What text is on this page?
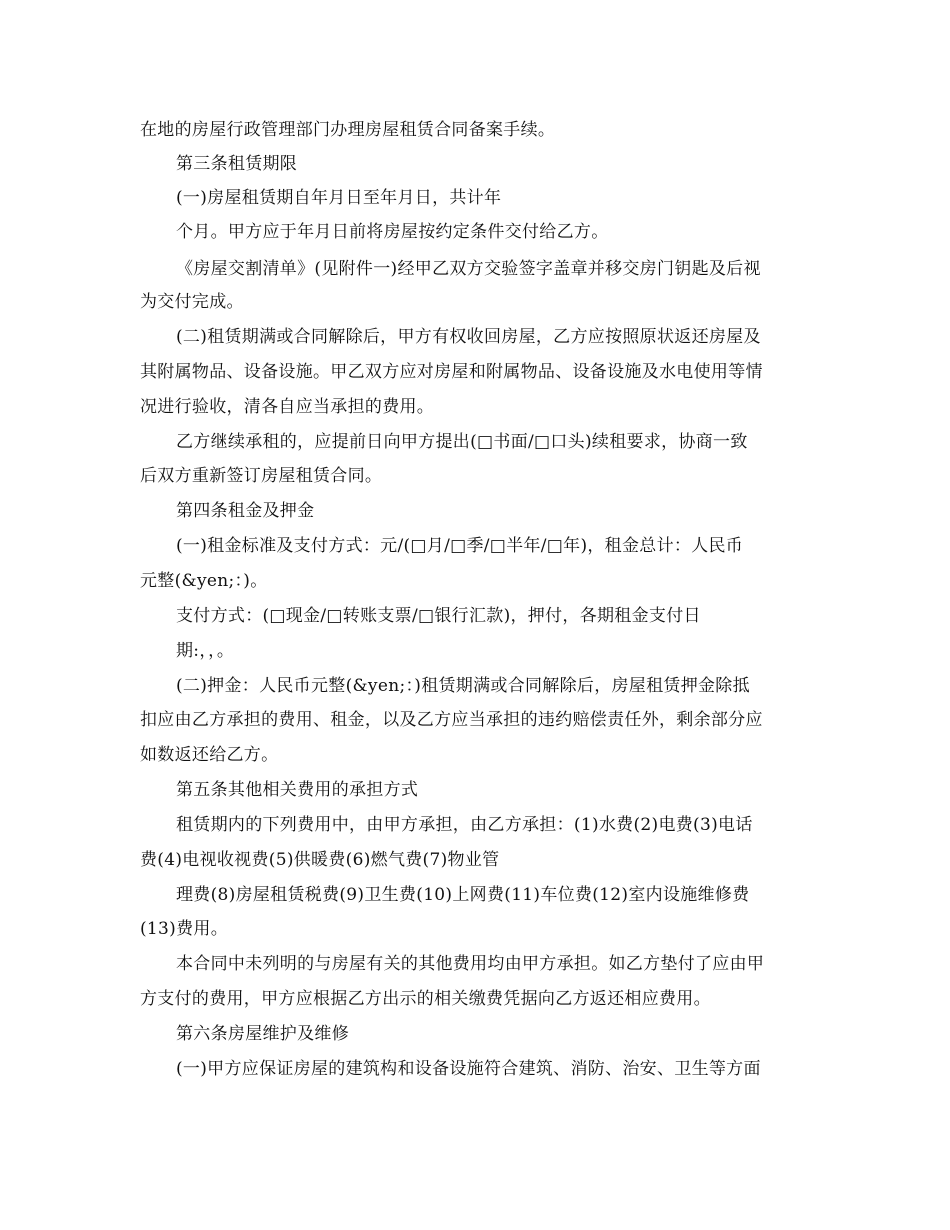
在地的房屋行政管理部门办理房屋租赁合同备案手续。
第三条租赁期限
(一)房屋租赁期自年月日至年月日，共计年
个月。甲方应于年月日前将房屋按约定条件交付给乙方。
《房屋交割清单》(见附件一)经甲乙双方交验签字盖章并移交房门钥匙及后视
为交付完成。
(二)租赁期满或合同解除后，甲方有权收回房屋，乙方应按照原状返还房屋及
其附属物品、设备设施。甲乙双方应对房屋和附属物品、设备设施及水电使用等情
况进行验收，清各自应当承担的费用。
乙方继续承租的，应提前日向甲方提出(□书面/□口头)续租要求，协商一致
后双方重新签订房屋租赁合同。
第四条租金及押金
(一)租金标准及支付方式：元/(□月/□季/□半年/□年)，租金总计：人民币
元整(&yen;：)。
支付方式：(□现金/□转账支票/□银行汇款)，押付，各期租金支付日
期:，，。
(二)押金：人民币元整(&yen;：)租赁期满或合同解除后，房屋租赁押金除抵
扣应由乙方承担的费用、租金，以及乙方应当承担的违约赔偿责任外，剩余部分应
如数返还给乙方。
第五条其他相关费用的承担方式
租赁期内的下列费用中，由甲方承担，由乙方承担：(1)水费(2)电费(3)电话
费(4)电视收视费(5)供暖费(6)燃气费(7)物业管
理费(8)房屋租赁税费(9)卫生费(10)上网费(11)车位费(12)室内设施维修费
(13)费用。
本合同中未列明的与房屋有关的其他费用均由甲方承担。如乙方垫付了应由甲
方支付的费用，甲方应根据乙方出示的相关缴费凭据向乙方返还相应费用。
第六条房屋维护及维修
(一)甲方应保证房屋的建筑构和设备设施符合建筑、消防、治安、卫生等方面
